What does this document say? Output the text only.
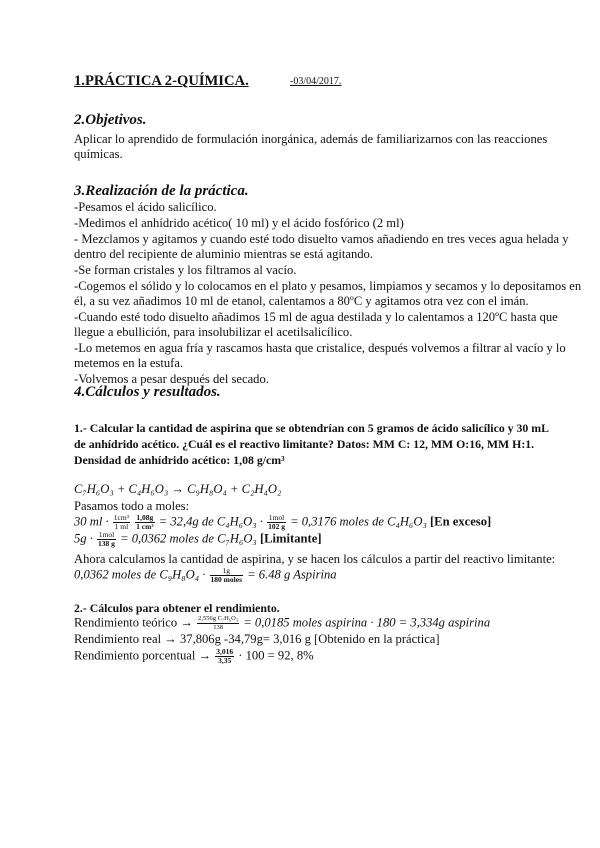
1.PRÁCTICA 2-QUÍMICA.	-03/04/2017.
2.Objetivos.
Aplicar lo aprendido de formulación inorgánica, además de familiarizarnos con las reacciones
químicas.
3.Realización de la práctica.
-Pesamos el ácido salicílico.
-Medimos el anhídrido acético( 10 ml) y el ácido fosfórico (2 ml)
- Mezclamos y agitamos y cuando esté todo disuelto vamos añadiendo en tres veces agua helada y
dentro del recipiente de aluminio mientras se está agitando.
-Se forman cristales y los filtramos al vacío.
-Cogemos el sólido y lo colocamos en el plato y pesamos, limpiamos y secamos y lo depositamos en
él, a su vez añadimos 10 ml de etanol, calentamos a 80ºC y agitamos otra vez con el imán.
-Cuando esté todo disuelto añadimos 15 ml de agua destilada y lo calentamos a 120ºC hasta que
llegue a ebullición, para insolubilizar el acetilsalicílico.
-Lo metemos en agua fría y rascamos hasta que cristalice, después volvemos a filtrar al vacío y lo
metemos en la estufa.
-Volvemos a pesar después del secado.
4.Cálculos y resultados.
1.- Calcular la cantidad de aspirina que se obtendrían con 5 gramos de ácido salicílico y 30 mL
de anhídrido acético. ¿Cuál es el reactivo limitante? Datos: MM C: 12, MM O:16, MM H:1.
Densidad de anhídrido acético: 1,08 g/cm³
C₇H₆O₃ + C₄H₆O₃ → C₉H₈O₄ + C₂H₄O₂
Pasamos todo a moles:
30 ml · $\frac{\text{1cm³}}{1 ml}$
$\frac{1,08g}{\text{1 cm³}} = 32,4g$ de $C_4H_6O_3 \cdot \frac{\text{1mol}}{102 g} = 0,3176$ moles de C₄H₆O₃ [En exceso]
$5g \cdot \frac{\text{1mol}}{138 g} = 0,0362$ moles de C₇H₆O₃ [Limitante]
Ahora calculamos la cantidad de aspirina, y se hacen los cálculos a partir del reactivo limitante:
0,0362 moles de $C_9H_8O_4 \cdot \frac{1g}{\text{180 moles}} = 6.48$ g Aspirina
2.- Cálculos para obtener el rendimiento.
Rendimiento teórico → $\frac{\text{2,556g C₇H₆O₃}}{138} = 0,0185$ moles aspirina · 180 = 3,334g aspirina
Rendimiento real → 37,806g -34,79g= 3,016 g [Obtenido en la práctica]
Rendimiento porcentual → $\frac{3,016}{3,35} \cdot 100 = 92$, 8%
